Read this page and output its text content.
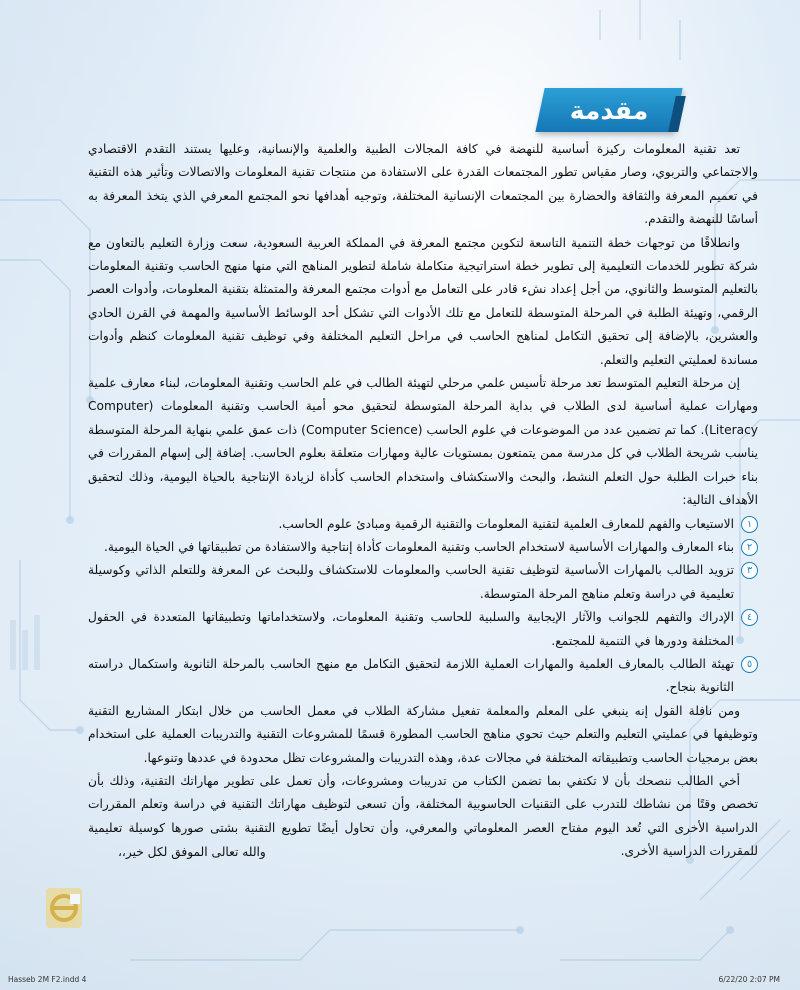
مقدمة

تعد تقنية المعلومات ركيزة أساسية للنهضة في كافة المجالات الطبية والعلمية والإنسانية، وعليها يستند التقدم الاقتصادي والاجتماعي والتربوي، وصار مقياس تطور المجتمعات القدرة على الاستفادة من منتجات تقنية المعلومات والاتصالات وتأثير هذه التقنية في تعميم المعرفة والثقافة والحضارة بين المجتمعات الإنسانية المختلفة، وتوجيه أهدافها نحو المجتمع المعرفي الذي يتخذ المعرفة به أساسًا للنهضة والتقدم.

وانطلاقًا من توجهات خطة التنمية التاسعة لتكوين مجتمع المعرفة في المملكة العربية السعودية، سعت وزارة التعليم بالتعاون مع شركة تطوير للخدمات التعليمية إلى تطوير خطة استراتيجية متكاملة شاملة لتطوير المناهج التي منها منهج الحاسب وتقنية المعلومات بالتعليم المتوسط والثانوي، من أجل إعداد نشء قادر على التعامل مع أدوات مجتمع المعرفة والمتمثلة بتقنية المعلومات، وأدوات العصر الرقمي، وتهيئة الطلبة في المرحلة المتوسطة للتعامل مع تلك الأدوات التي تشكل أحد الوسائط الأساسية والمهمة في القرن الحادي والعشرين، بالإضافة إلى تحقيق التكامل لمناهج الحاسب في مراحل التعليم المختلفة وفي توظيف تقنية المعلومات كنظم وأدوات مساندة لعمليتي التعليم والتعلم.

إن مرحلة التعليم المتوسط تعد مرحلة تأسيس علمي مرحلي لتهيئة الطالب في علم الحاسب وتقنية المعلومات، لبناء معارف علمية ومهارات عملية أساسية لدى الطلاب في بداية المرحلة المتوسطة لتحقيق محو أمية الحاسب وتقنية المعلومات (Computer Literacy). كما تم تضمين عدد من الموضوعات في علوم الحاسب (Computer Science) ذات عمق علمي بنهاية المرحلة المتوسطة يناسب شريحة الطلاب في كل مدرسة ممن يتمتعون بمستويات عالية ومهارات متعلقة بعلوم الحاسب. إضافة إلى إسهام المقررات في بناء خبرات الطلبة حول التعلم النشط، والبحث والاستكشاف واستخدام الحاسب كأداة لزيادة الإنتاجية بالحياة اليومية، وذلك لتحقيق الأهداف التالية:

١
الاستيعاب والفهم للمعارف العلمية لتقنية المعلومات والتقنية الرقمية ومبادئ علوم الحاسب.
٢
بناء المعارف والمهارات الأساسية لاستخدام الحاسب وتقنية المعلومات كأداة إنتاجية والاستفادة من تطبيقاتها في الحياة اليومية.
٣
تزويد الطالب بالمهارات الأساسية لتوظيف تقنية الحاسب والمعلومات للاستكشاف وللبحث عن المعرفة وللتعلم الذاتي وكوسيلة تعليمية في دراسة وتعلم مناهج المرحلة المتوسطة.
٤
الإدراك والتفهم للجوانب والآثار الإيجابية والسلبية للحاسب وتقنية المعلومات، ولاستخداماتها وتطبيقاتها المتعددة في الحقول المختلفة ودورها في التنمية للمجتمع.
٥
تهيئة الطالب بالمعارف العلمية والمهارات العملية اللازمة لتحقيق التكامل مع منهج الحاسب بالمرحلة الثانوية واستكمال دراسته الثانوية بنجاح.

ومن نافلة القول إنه ينبغي على المعلم والمعلمة تفعيل مشاركة الطلاب في معمل الحاسب من خلال ابتكار المشاريع التقنية وتوظيفها في عمليتي التعليم والتعلم حيث تحوي مناهج الحاسب المطورة قسمًا للمشروعات التقنية والتدريبات العملية على استخدام بعض برمجيات الحاسب وتطبيقاته المختلفة في مجالات عدة، وهذه التدريبات والمشروعات تظل محدودة في عددها وتنوعها.

أخي الطالب ننصحك بأن لا تكتفي بما تضمن الكتاب من تدريبات ومشروعات، وأن تعمل على تطوير مهاراتك التقنية، وذلك بأن تخصص وقتًا من نشاطك للتدرب على التقنيات الحاسوبية المختلفة، وأن تسعى لتوظيف مهاراتك التقنية في دراسة وتعلم المقررات الدراسية الأخرى التي تُعد اليوم مفتاح العصر المعلوماتي والمعرفي، وأن تحاول أيضًا تطويع التقنية بشتى صورها كوسيلة تعليمية للمقررات الدراسية الأخرى.

والله تعالى الموفق لكل خير،،
Hasseb 2M F2.indd 4	6/22/20 2:07 PM
